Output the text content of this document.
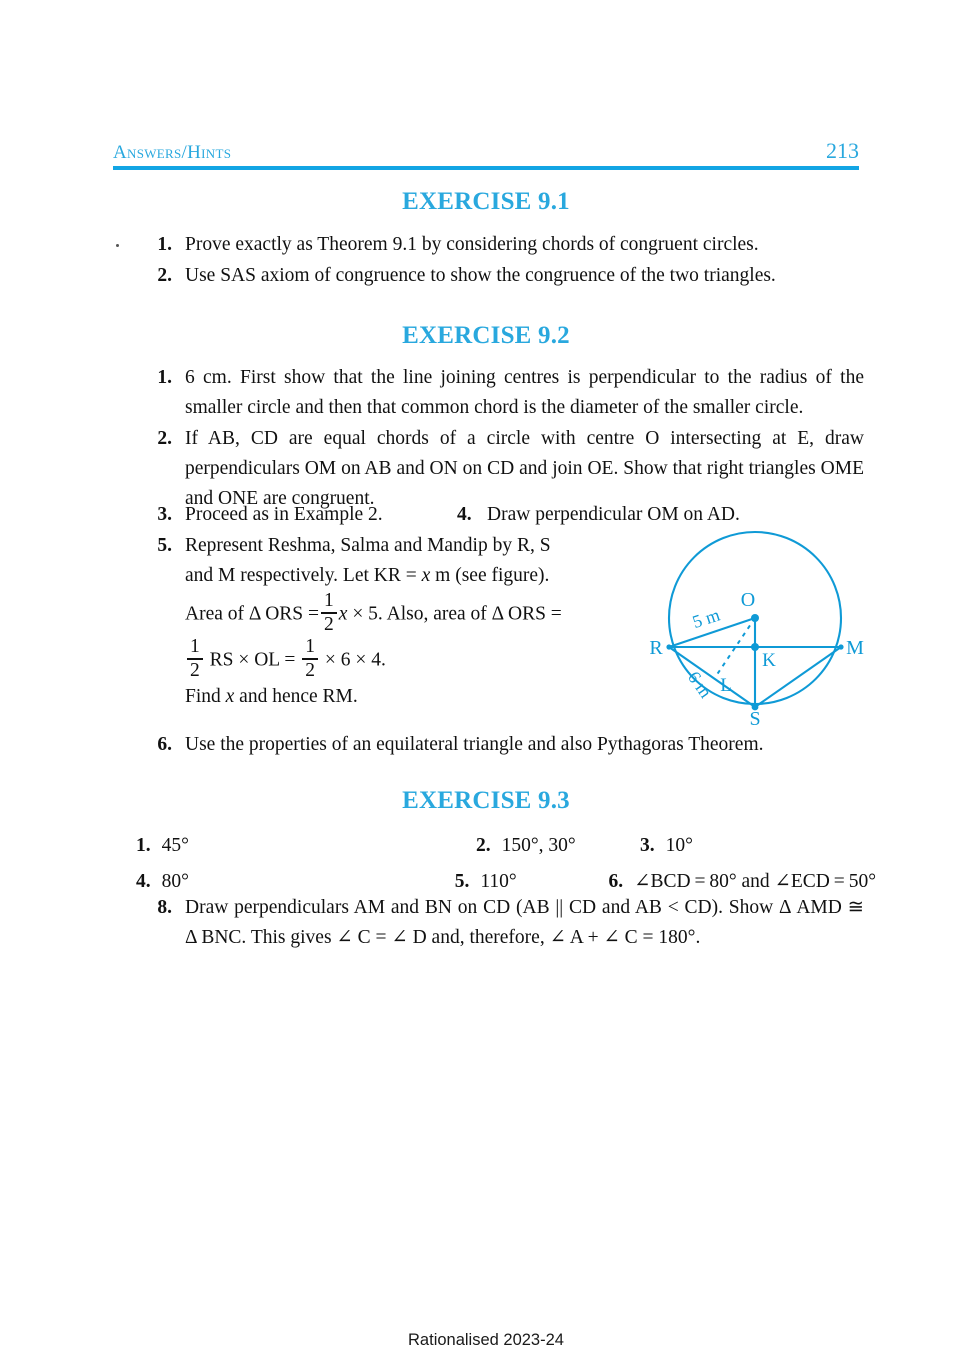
Answers/Hints	213
EXERCISE 9.1
1. Prove exactly as Theorem 9.1 by considering chords of congruent circles.
2. Use SAS axiom of congruence to show the congruence of the two triangles.
EXERCISE 9.2
1. 6 cm. First show that the line joining centres is perpendicular to the radius of the smaller circle and then that common chord is the diameter of the smaller circle.
2. If AB, CD are equal chords of a circle with centre O intersecting at E, draw perpendiculars OM on AB and ON on CD and join OE. Show that right triangles OME and ONE are congruent.
3. Proceed as in Example 2.	4. Draw perpendicular OM on AD.
5. Represent Reshma, Salma and Mandip by R, S
and M respectively. Let KR = x m (see figure).
Area of Δ ORS = $\frac{1}{2}$ x × 5. Also, area of Δ ORS =
$\frac{1}{2}$ RS × OL = $\frac{1}{2} \times 6 \times 4$.
Find x and hence RM.
O
R	M
K
L
S
5 m
6 m
6. Use the properties of an equilateral triangle and also Pythagoras Theorem.
EXERCISE 9.3
1. 45°	2. 150°, 30°	3. 10°
4. 80°	5. 110°	6. ∠BCD = 80° and ∠ECD = 50°
8. Draw perpendiculars AM and BN on CD (AB || CD and AB < CD). Show Δ AMD ≅ Δ BNC. This gives ∠ C = ∠ D and, therefore, ∠ A + ∠ C = 180°.
Rationalised 2023-24
